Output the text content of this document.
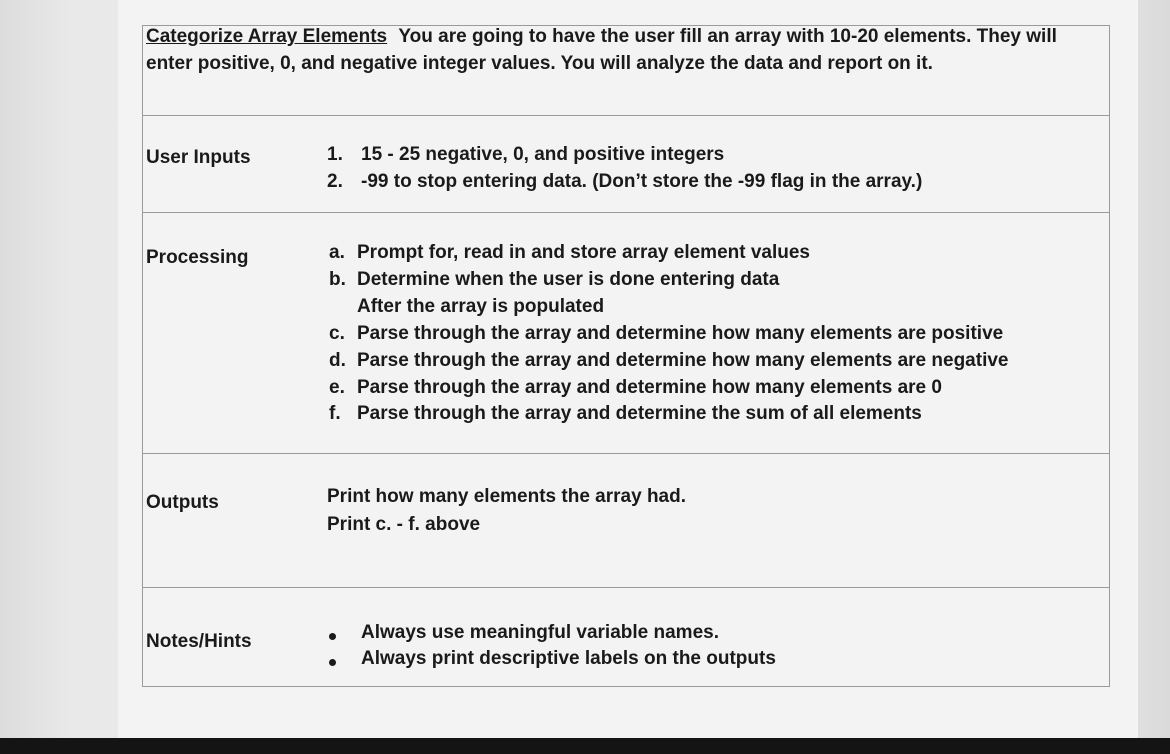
Categorize Array Elements You are going to have the user fill an array with 10-20 elements. They will
enter positive, 0, and negative integer values. You will analyze the data and report on it.
User Inputs	1. 15 - 25 negative, 0, and positive integers
2. -99 to stop entering data. (Don’t store the -99 flag in the array.)
Processing	a. Prompt for, read in and store array element values
b. Determine when the user is done entering data
After the array is populated
c. Parse through the array and determine how many elements are positive
d. Parse through the array and determine how many elements are negative
e. Parse through the array and determine how many elements are 0
f. Parse through the array and determine the sum of all elements
Outputs	Print how many elements the array had.
Print c. - f. above
Notes/Hints	Always use meaningful variable names.
Always print descriptive labels on the outputs
